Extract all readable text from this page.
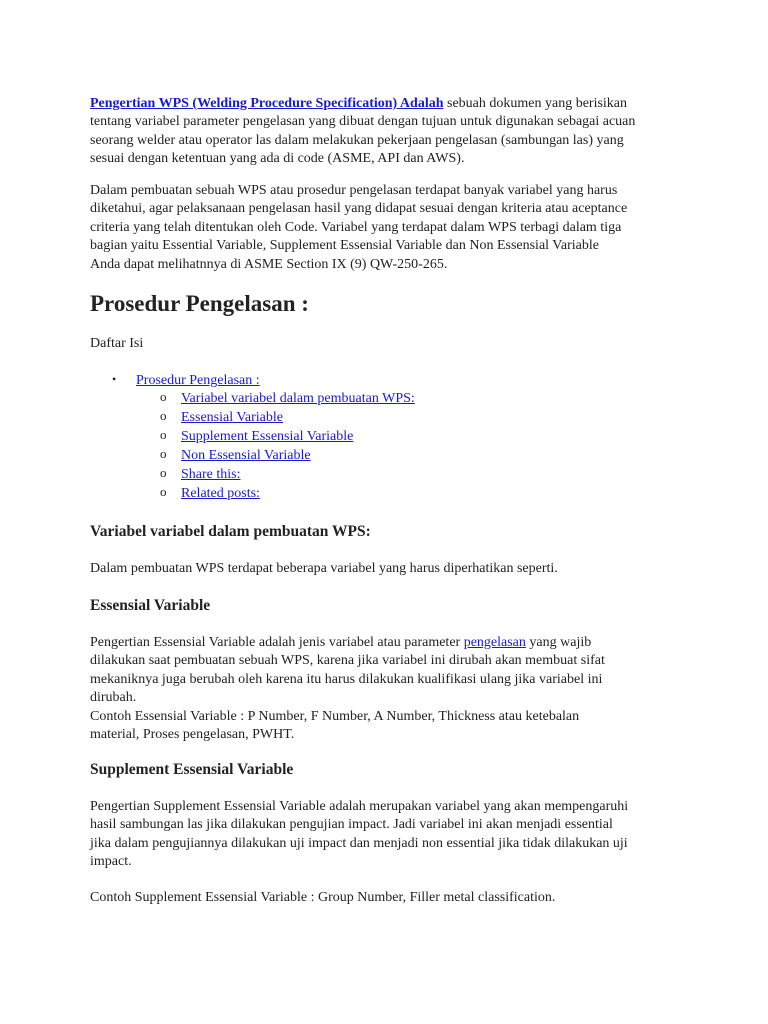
Pengertian WPS (Welding Procedure Specification) Adalah sebuah dokumen yang berisikan
tentang variabel parameter pengelasan yang dibuat dengan tujuan untuk digunakan sebagai acuan
seorang welder atau operator las dalam melakukan pekerjaan pengelasan (sambungan las) yang
sesuai dengan ketentuan yang ada di code (ASME, API dan AWS).
Dalam pembuatan sebuah WPS atau prosedur pengelasan terdapat banyak variabel yang harus
diketahui, agar pelaksanaan pengelasan hasil yang didapat sesuai dengan kriteria atau aceptance
criteria yang telah ditentukan oleh Code. Variabel yang terdapat dalam WPS terbagi dalam tiga
bagian yaitu Essential Variable, Supplement Essensial Variable dan Non Essensial Variable
Anda dapat melihatnnya di ASME Section IX (9) QW-250-265.
Prosedur Pengelasan :
Daftar Isi
• Prosedur Pengelasan :
o Variabel variabel dalam pembuatan WPS:
o Essensial Variable
o Supplement Essensial Variable
o Non Essensial Variable
o Share this:
o Related posts:
Variabel variabel dalam pembuatan WPS:
Dalam pembuatan WPS terdapat beberapa variabel yang harus diperhatikan seperti.
Essensial Variable
Pengertian Essensial Variable adalah jenis variabel atau parameter pengelasan yang wajib
dilakukan saat pembuatan sebuah WPS, karena jika variabel ini dirubah akan membuat sifat
mekaniknya juga berubah oleh karena itu harus dilakukan kualifikasi ulang jika variabel ini
dirubah.
Contoh Essensial Variable : P Number, F Number, A Number, Thickness atau ketebalan
material, Proses pengelasan, PWHT.
Supplement Essensial Variable
Pengertian Supplement Essensial Variable adalah merupakan variabel yang akan mempengaruhi
hasil sambungan las jika dilakukan pengujian impact. Jadi variabel ini akan menjadi essential
jika dalam pengujiannya dilakukan uji impact dan menjadi non essential jika tidak dilakukan uji
impact.
Contoh Supplement Essensial Variable : Group Number, Filler metal classification.
